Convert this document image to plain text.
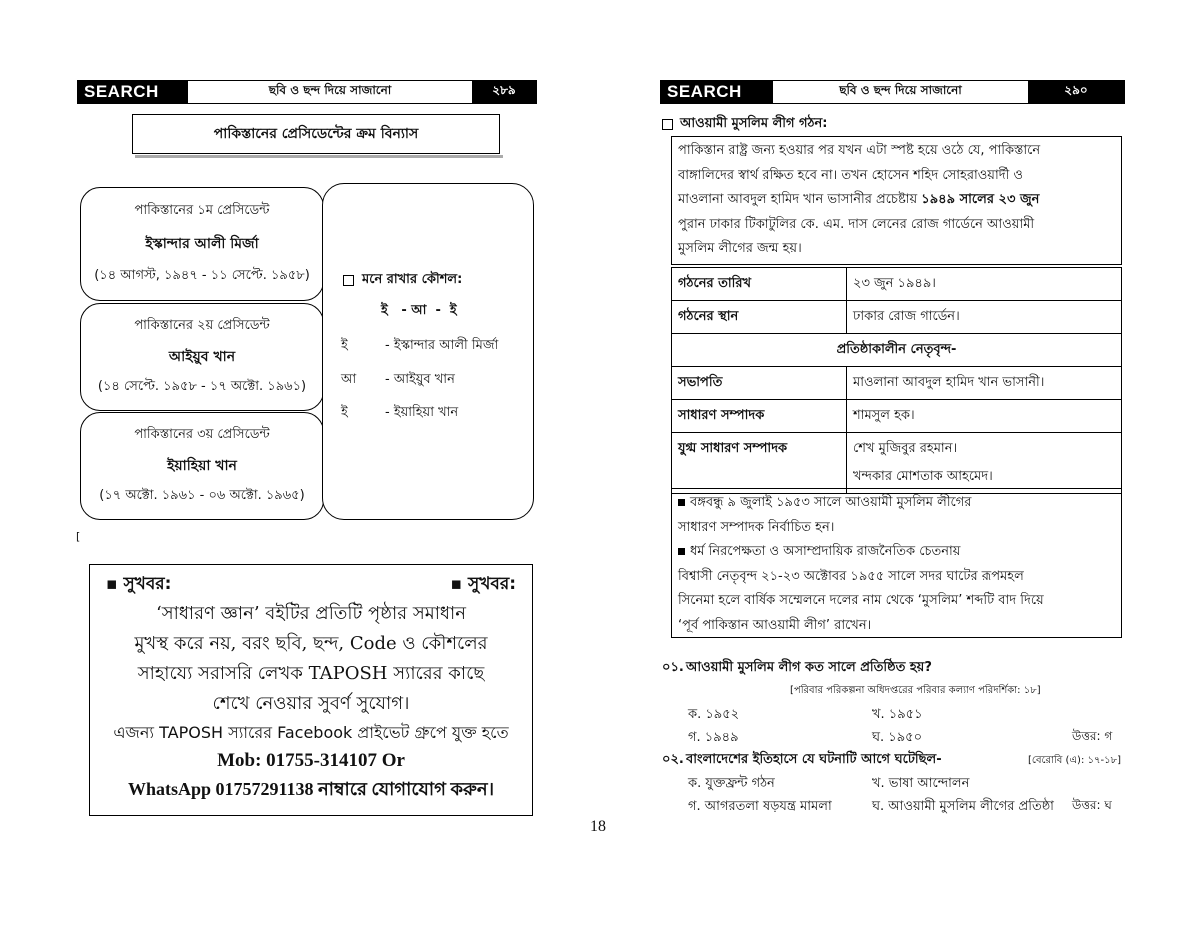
SEARCH	ছবি ও ছন্দ দিয়ে সাজানো	২৮৯
পাকিস্তানের প্রেসিডেন্টের ক্রম বিন্যাস
পাকিস্তানের ১ম প্রেসিডেন্ট
ইস্কান্দার আলী মির্জা
(১৪ আগস্ট, ১৯৪৭ - ১১ সেপ্টে. ১৯৫৮)
পাকিস্তানের ২য় প্রেসিডেন্ট
আইয়ুব খান
(১৪ সেপ্টে. ১৯৫৮ - ১৭ অক্টো. ১৯৬১)
পাকিস্তানের ৩য় প্রেসিডেন্ট
ইয়াহিয়া খান
(১৭ অক্টো. ১৯৬১ - ০৬ অক্টো. ১৯৬৫)
মনে রাখার কৌশল:
ই   - আ  -  ই
ই	- ইস্কান্দার আলী মির্জা
আ - আইয়ুব খান
ই	- ইয়াহিয়া খান
[
▪ সুখবর:	▪ সুখবর:
‘সাধারণ জ্ঞান’ বইটির প্রতিটি পৃষ্ঠার সমাধান
মুখস্থ করে নয়, বরং ছবি, ছন্দ, Code ও কৌশলের
সাহায্যে সরাসরি লেখক TAPOSH স্যারের কাছে
শেখে নেওয়ার সুবর্ণ সুযোগ।
এজন্য TAPOSH স্যারের Facebook প্রাইভেট গ্রুপে যুক্ত হতে
Mob: 01755-314107 Or
WhatsApp 01757291138 নাম্বারে যোগাযোগ করুন।
18
SEARCH	ছবি ও ছন্দ দিয়ে সাজানো	২৯০
আওয়ামী মুসলিম লীগ গঠন:
পাকিস্তান রাষ্ট্র জন্য হওয়ার পর যখন এটা স্পষ্ট হয়ে ওঠে যে, পাকিস্তানে
বাঙ্গালিদের স্বার্থ রক্ষিত হবে না। তখন হোসেন শহিদ সোহরাওয়ার্দী ও
মাওলানা আবদুল হামিদ খান ভাসানীর প্রচেষ্টায় ১৯৪৯ সালের ২৩ জুন
পুরান ঢাকার টিকাটুলির কে. এম. দাস লেনের রোজ গার্ডেনে আওয়ামী
মুসলিম লীগের জন্ম হয়।
গঠনের তারিখ	২৩ জুন ১৯৪৯।
গঠনের স্থান	ঢাকার রোজ গার্ডেন।
প্রতিষ্ঠাকালীন নেতৃবৃন্দ-	
সভাপতি	মাওলানা আবদুল হামিদ খান ভাসানী।
সাধারণ সম্পাদক	শামসুল হক।
যুগ্ম সাধারণ সম্পাদক	শেখ মুজিবুর রহমান।
খন্দকার মোশতাক আহমেদ।
বঙ্গবন্ধু ৯ জুলাই ১৯৫৩ সালে আওয়ামী মুসলিম লীগের
সাধারণ সম্পাদক নির্বাচিত হন।
ধর্ম নিরপেক্ষতা ও অসাম্প্রদায়িক রাজনৈতিক চেতনায়
বিশ্বাসী নেতৃবৃন্দ ২১-২৩ অক্টোবর ১৯৫৫ সালে সদর ঘাটের রূপমহল
সিনেমা হলে বার্ষিক সম্মেলনে দলের নাম থেকে ‘মুসলিম’ শব্দটি বাদ দিয়ে
‘পূর্ব পাকিস্তান আওয়ামী লীগ’ রাখেন।
০১. আওয়ামী মুসলিম লীগ কত সালে প্রতিষ্ঠিত হয়?
[পরিবার পরিকল্পনা অধিদপ্তরের পরিবার কল্যাণ পরিদর্শিকা: ১৮]
ক. ১৯৫২	খ. ১৯৫১
গ. ১৯৪৯	ঘ. ১৯৫০	উত্তর: গ
০২. বাংলাদেশের ইতিহাসে যে ঘটনাটি আগে ঘটেছিল-	[বেরোবি (এ): ১৭-১৮]
ক. যুক্তফ্রন্ট গঠন	খ. ভাষা আন্দোলন
গ. আগরতলা ষড়যন্ত্র মামলা	ঘ. আওয়ামী মুসলিম লীগের প্রতিষ্ঠা উত্তর: ঘ
